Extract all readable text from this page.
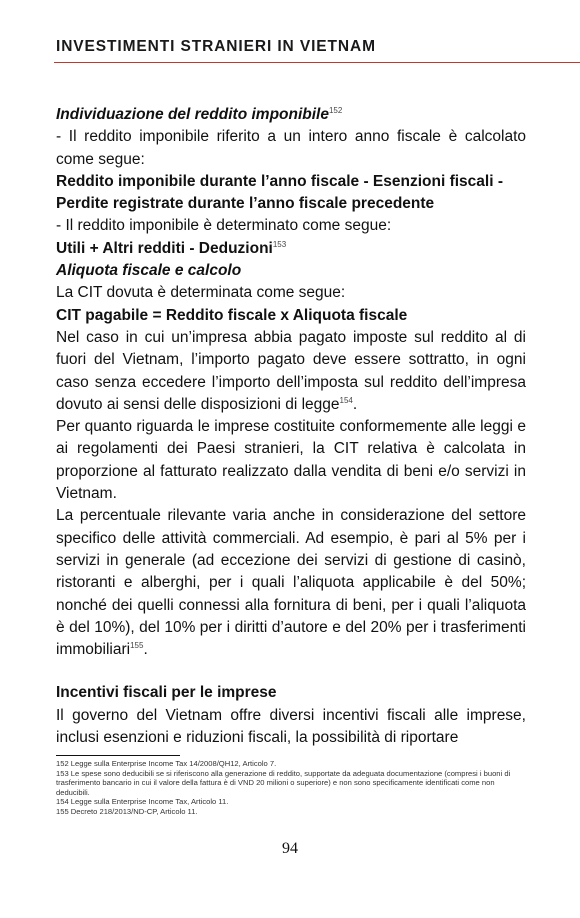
INVESTIMENTI STRANIERI IN VIETNAM

Individuazione del reddito imponibile$^{152}$

- Il reddito imponibile riferito a un intero anno fiscale è calcolato come segue:

Reddito imponibile durante l’anno fiscale - Esenzioni fiscali - Perdite registrate durante l’anno fiscale precedente

- Il reddito imponibile è determinato come segue:

Utili + Altri redditi - Deduzioni$^{153}$

Aliquota fiscale e calcolo

La CIT dovuta è determinata come segue:

CIT pagabile = Reddito fiscale x Aliquota fiscale

Nel caso in cui un’impresa abbia pagato imposte sul reddito al di fuori del Vietnam, l’importo pagato deve essere sottratto, in ogni caso senza eccedere l’importo dell’imposta sul reddito dell’impresa dovuto ai sensi delle disposizioni di legge$^{154}$.

Per quanto riguarda le imprese costituite conformemente alle leggi e ai regolamenti dei Paesi stranieri, la CIT relativa è calcolata in proporzione al fatturato realizzato dalla vendita di beni e/o servizi in Vietnam.

La percentuale rilevante varia anche in considerazione del settore specifico delle attività commerciali. Ad esempio, è pari al 5% per i servizi in generale (ad eccezione dei servizi di gestione di casinò, ristoranti e alberghi, per i quali l’aliquota applicabile è del 50%; nonché dei quelli connessi alla fornitura di beni, per i quali l’aliquota è del 10%), del 10% per i diritti d’autore e del 20% per i trasferimenti immobiliari$^{155}$.

Incentivi fiscali per le imprese

Il governo del Vietnam offre diversi incentivi fiscali alle imprese, inclusi esenzioni e riduzioni fiscali, la possibilità di riportare

152 Legge sulla Enterprise Income Tax 14/2008/QH12, Articolo 7.

153 Le spese sono deducibili se si riferiscono alla generazione di reddito, supportate da adeguata documentazione (compresi i buoni di trasferimento bancario in cui il valore della fattura è di VND 20 milioni o superiore) e non sono specificamente identificati come non deducibili.

154 Legge sulla Enterprise Income Tax, Articolo 11.

155 Decreto 218/2013/ND-CP, Articolo 11.

94
